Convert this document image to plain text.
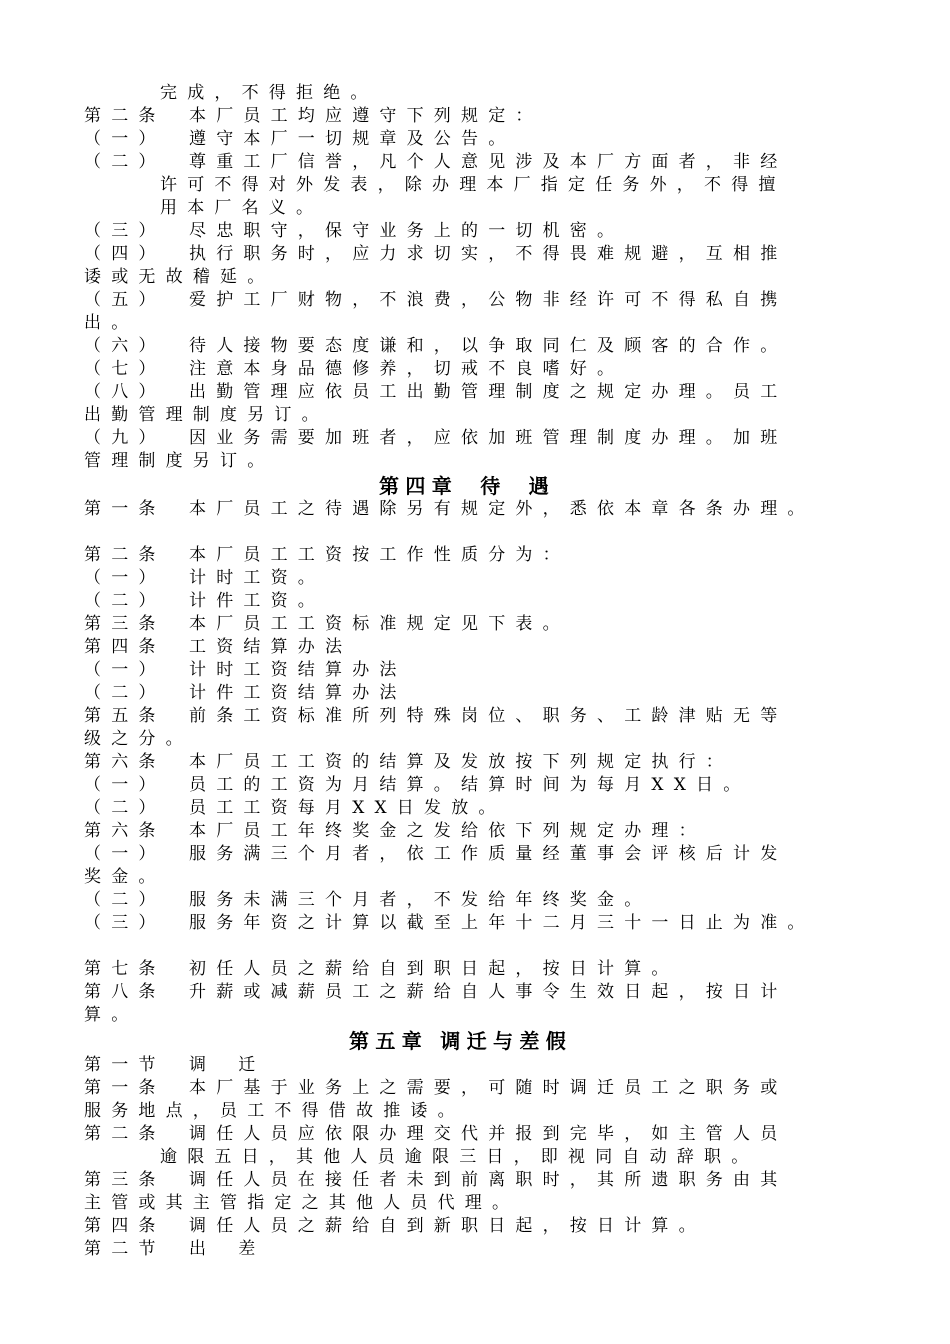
完成，不得拒绝。
第二条 本厂员工均应遵守下列规定：
（一） 遵守本厂一切规章及公告。
（二） 尊重工厂信誉，凡个人意见涉及本厂方面者，非经
许可不得对外发表，除办理本厂指定任务外，不得擅
用本厂名义。
（三） 尽忠职守，保守业务上的一切机密。
（四） 执行职务时，应力求切实，不得畏难规避，互相推
诿或无故稽延。
（五） 爱护工厂财物，不浪费，公物非经许可不得私自携
出。
（六） 待人接物要态度谦和，以争取同仁及顾客的合作。
（七） 注意本身品德修养，切戒不良嗜好。
（八） 出勤管理应依员工出勤管理制度之规定办理。员工
出勤管理制度另订。
（九） 因业务需要加班者，应依加班管理制度办理。加班
管理制度另订。
第四章 待 遇
第一条 本厂员工之待遇除另有规定外，悉依本章各条办理。
第二条 本厂员工工资按工作性质分为：
（一） 计时工资。
（二） 计件工资。
第三条 本厂员工工资标准规定见下表。
第四条 工资结算办法
（一） 计时工资结算办法
（二） 计件工资结算办法
第五条 前条工资标准所列特殊岗位、职务、工龄津贴无等
级之分。
第六条 本厂员工工资的结算及发放按下列规定执行：
（一） 员工的工资为月结算。结算时间为每月XX日。
（二） 员工工资每月XX日发放。
第六条 本厂员工年终奖金之发给依下列规定办理：
（一） 服务满三个月者，依工作质量经董事会评核后计发
奖金。
（二） 服务未满三个月者，不发给年终奖金。
（三） 服务年资之计算以截至上年十二月三十一日止为准。
第七条 初任人员之薪给自到职日起，按日计算。
第八条 升薪或减薪员工之薪给自人事令生效日起，按日计
算。
第五章 调迁与差假
第一节 调 迁
第一条 本厂基于业务上之需要，可随时调迁员工之职务或
服务地点，员工不得借故推诿。
第二条 调任人员应依限办理交代并报到完毕，如主管人员
逾限五日，其他人员逾限三日，即视同自动辞职。
第三条 调任人员在接任者未到前离职时，其所遗职务由其
主管或其主管指定之其他人员代理。
第四条 调任人员之薪给自到新职日起，按日计算。
第二节 出 差
